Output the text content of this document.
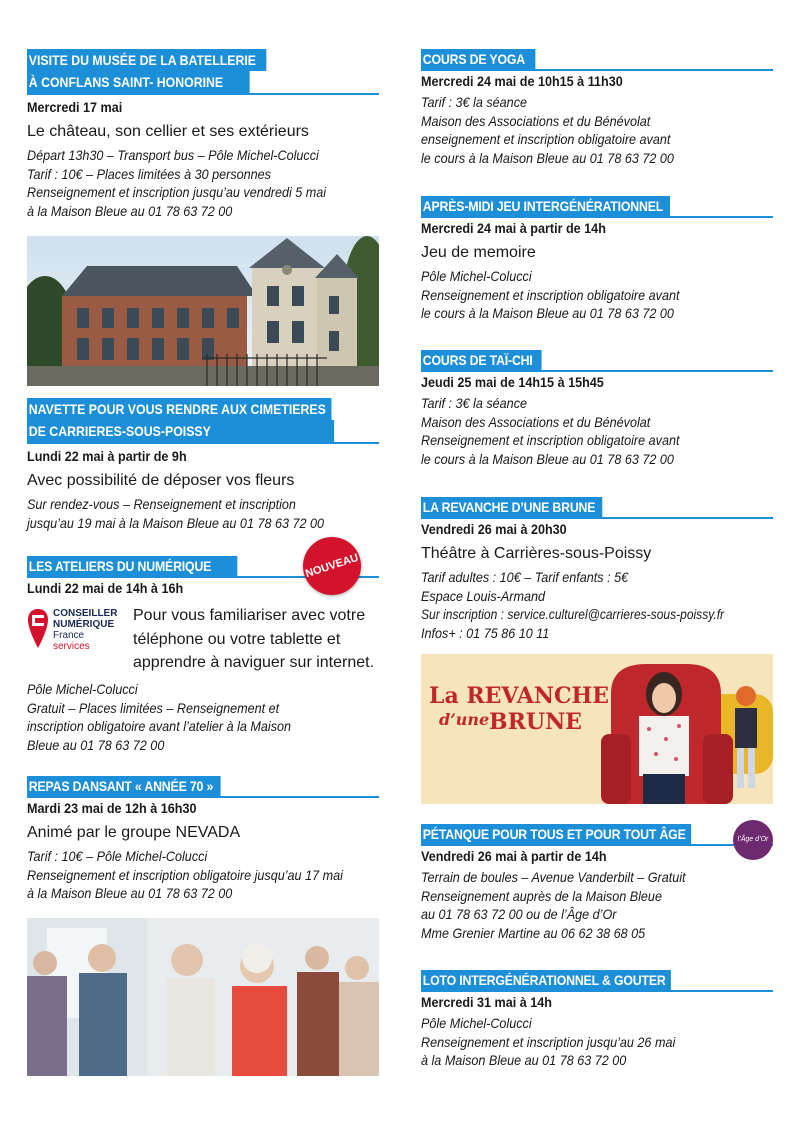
VISITE DU MUSÉE DE LA BATELLERIE
À CONFLANS SAINT- HONORINE
Mercredi 17 mai
Le château, son cellier et ses extérieurs
Départ 13h30 – Transport bus – Pôle Michel-Colucci
Tarif : 10€ – Places limitées à 30 personnes
Renseignement et inscription jusqu’au vendredi 5 mai
à la Maison Bleue au 01 78 63 72 00
NAVETTE POUR VOUS RENDRE AUX CIMETIERES
DE CARRIERES-SOUS-POISSY
Lundi 22 mai à partir de 9h
Avec possibilité de déposer vos fleurs
Sur rendez-vous – Renseignement et inscription
jusqu’au 19 mai à la Maison Bleue au 01 78 63 72 00
LES ATELIERS DU NUMÉRIQUE
Lundi 22 mai de 14h à 16h
CONSEILLER
NUMÉRIQUE
France
services
Pour vous familiariser avec votre
téléphone ou votre tablette et
apprendre à naviguer sur internet.
Pôle Michel-Colucci
Gratuit – Places limitées – Renseignement et
inscription obligatoire avant l’atelier à la Maison
Bleue au 01 78 63 72 00
NOUVEAU
REPAS DANSANT « ANNÉE 70 »
Mardi 23 mai de 12h à 16h30
Animé par le groupe NEVADA
Tarif : 10€ – Pôle Michel-Colucci
Renseignement et inscription obligatoire jusqu’au 17 mai
à la Maison Bleue au 01 78 63 72 00
COURS DE YOGA
Mercredi 24 mai de 10h15 à 11h30
Tarif : 3€ la séance
Maison des Associations et du Bénévolat
enseignement et inscription obligatoire avant
le cours à la Maison Bleue au 01 78 63 72 00
APRÈS-MIDI JEU INTERGÉNÉRATIONNEL
Mercredi 24 mai à partir de 14h
Jeu de memoire
Pôle Michel-Colucci
Renseignement et inscription obligatoire avant
le cours à la Maison Bleue au 01 78 63 72 00
COURS DE TAÏ-CHI
Jeudi 25 mai de 14h15 à 15h45
Tarif : 3€ la séance
Maison des Associations et du Bénévolat
Renseignement et inscription obligatoire avant
le cours à la Maison Bleue au 01 78 63 72 00
LA REVANCHE D’UNE BRUNE
Vendredi 26 mai à 20h30
Théâtre à Carrières-sous-Poissy
Tarif adultes : 10€ – Tarif enfants : 5€
Espace Louis-Armand
Sur inscription : service.culturel@carrieres-sous-poissy.fr
Infos+ : 01 75 86 10 11
La REVANCHE
d’une BRUNE
PÉTANQUE POUR TOUS ET POUR TOUT ÂGE
Vendredi 26 mai à partir de 14h
Terrain de boules – Avenue Vanderbilt – Gratuit
Renseignement auprès de la Maison Bleue
au 01 78 63 72 00 ou de l’Âge d’Or
Mme Grenier Martine au 06 62 38 68 05
l’Âge d’Or
LOTO INTERGÉNÉRATIONNEL & GOUTER
Mercredi 31 mai à 14h
Pôle Michel-Colucci
Renseignement et inscription jusqu’au 26 mai
à la Maison Bleue au 01 78 63 72 00
